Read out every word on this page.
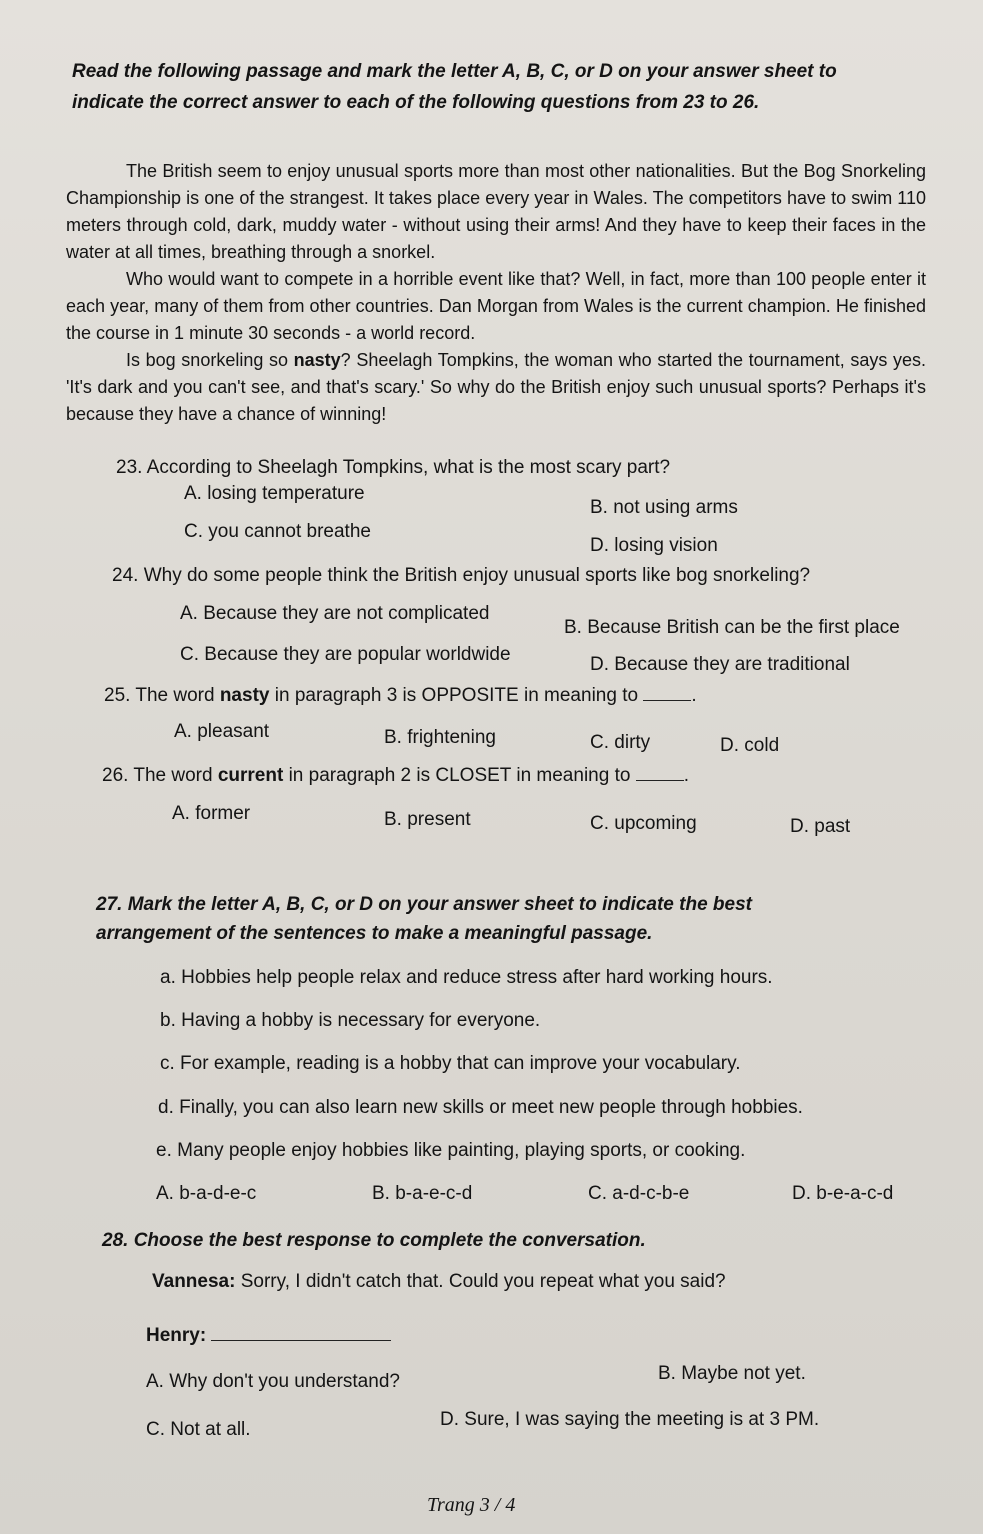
Read the following passage and mark the letter A, B, C, or D on your answer sheet to indicate the correct answer to each of the following questions from 23 to 26.
The British seem to enjoy unusual sports more than most other nationalities. But the Bog Snorkeling Championship is one of the strangest. It takes place every year in Wales. The competitors have to swim 110 meters through cold, dark, muddy water - without using their arms! And they have to keep their faces in the water at all times, breathing through a snorkel.
Who would want to compete in a horrible event like that? Well, in fact, more than 100 people enter it each year, many of them from other countries. Dan Morgan from Wales is the current champion. He finished the course in 1 minute 30 seconds - a world record.
Is bog snorkeling so nasty? Sheelagh Tompkins, the woman who started the tournament, says yes. 'It's dark and you can't see, and that's scary.' So why do the British enjoy such unusual sports? Perhaps it's because they have a chance of winning!
23. According to Sheelagh Tompkins, what is the most scary part?
A. losing temperature
B. not using arms
C. you cannot breathe
D. losing vision
24. Why do some people think the British enjoy unusual sports like bog snorkeling?
A. Because they are not complicated
B. Because British can be the first place
C. Because they are popular worldwide	D. Because they are traditional
25. The word nasty in paragraph 3 is OPPOSITE in meaning to	.
A. pleasant	B. frightening	C. dirty	D. cold
26. The word current in paragraph 2 is CLOSET in meaning to	.
A. former	B. present	C. upcoming	D. past
27. Mark the letter A, B, C, or D on your answer sheet to indicate the best arrangement of the sentences to make a meaningful passage.
a. Hobbies help people relax and reduce stress after hard working hours.
b. Having a hobby is necessary for everyone.
c. For example, reading is a hobby that can improve your vocabulary.
d. Finally, you can also learn new skills or meet new people through hobbies.
e. Many people enjoy hobbies like painting, playing sports, or cooking.
A. b-a-d-e-c	B. b-a-e-c-d	C. a-d-c-b-e	D. b-e-a-c-d
28. Choose the best response to complete the conversation.
Vannesa: Sorry, I didn't catch that. Could you repeat what you said?
Henry:
A. Why don't you understand?	B. Maybe not yet.
C. Not at all.	D. Sure, I was saying the meeting is at 3 PM.
Trang 3 / 4
